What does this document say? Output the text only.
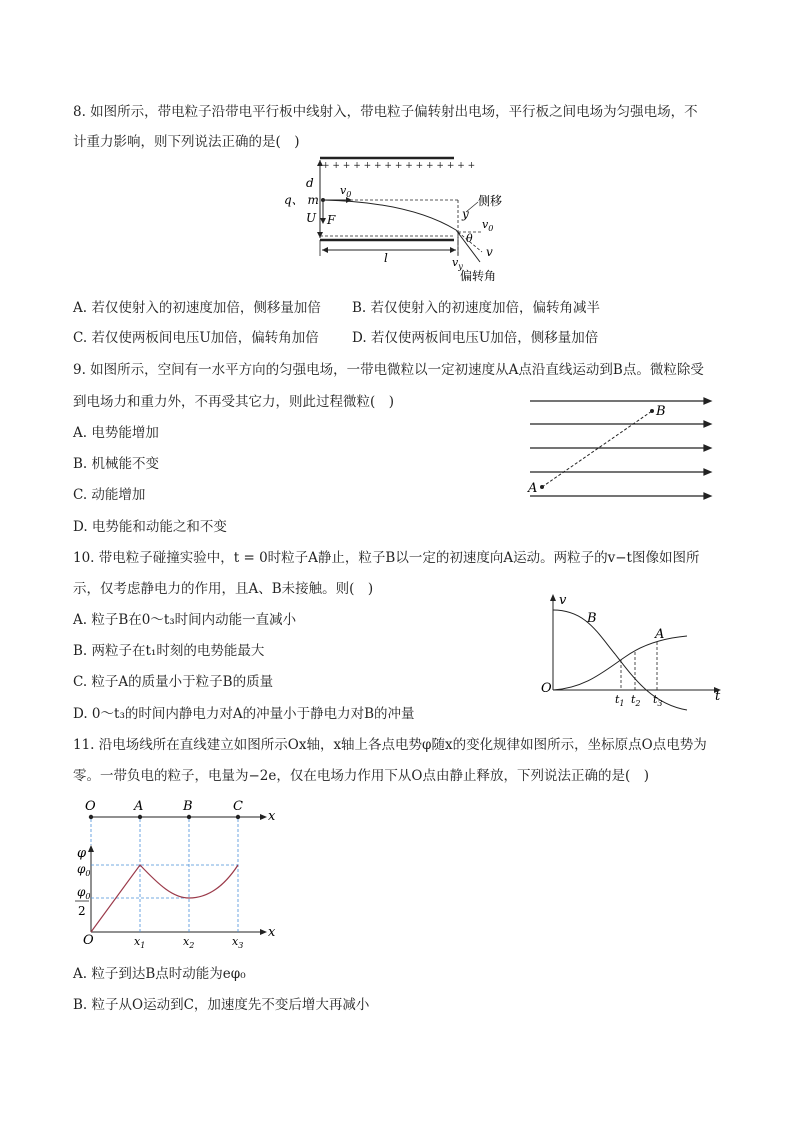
8. 如图所示，带电粒子沿带电平行板中线射入，带电粒子偏转射出电场，平行板之间电场为匀强电场，不
计重力影响，则下列说法正确的是(　)
+ + + + + + + + + + + + + + +
d
q、 m
$v_0$
F
U	y
侧移
$v_0$
θ
v
$v_y$
l
偏转角
A. 若仅使射入的初速度加倍，侧移量加倍 B. 若仅使射入的初速度加倍，偏转角减半
C. 若仅使两板间电压U加倍，偏转角加倍 D. 若仅使两板间电压U加倍，侧移量加倍
9. 如图所示，空间有一水平方向的匀强电场，一带电微粒以一定初速度从A点沿直线运动到B点。微粒除受
到电场力和重力外，不再受其它力，则此过程微粒(　)
A
B
A. 电势能增加
B. 机械能不变
C. 动能增加
D. 电势能和动能之和不变
10. 带电粒子碰撞实验中，t = 0时粒子A静止，粒子B以一定的初速度向A运动。两粒子的v−t图像如图所
示，仅考虑静电力的作用，且A、B未接触。则(　)
v
t
O
B
A
$t_1$ $t_2$ $t_3$
A. 粒子B在0～t₃时间内动能一直减小
B. 两粒子在t₁时刻的电势能最大
C. 粒子A的质量小于粒子B的质量
D. 0～t₃的时间内静电力对A的冲量小于静电力对B的冲量
11. 沿电场线所在直线建立如图所示Ox轴，x轴上各点电势φ随x的变化规律如图所示，坐标原点O点电势为
零。一带负电的粒子，电量为−2e，仅在电场力作用下从O点由静止释放，下列说法正确的是(　)
O	A	B	C
x
φ
x
O
$\varphi_0$
$\varphi_0$
2
$x_1$	$x_2$	$x_3$
A. 粒子到达B点时动能为eφ₀
B. 粒子从O运动到C，加速度先不变后增大再减小
